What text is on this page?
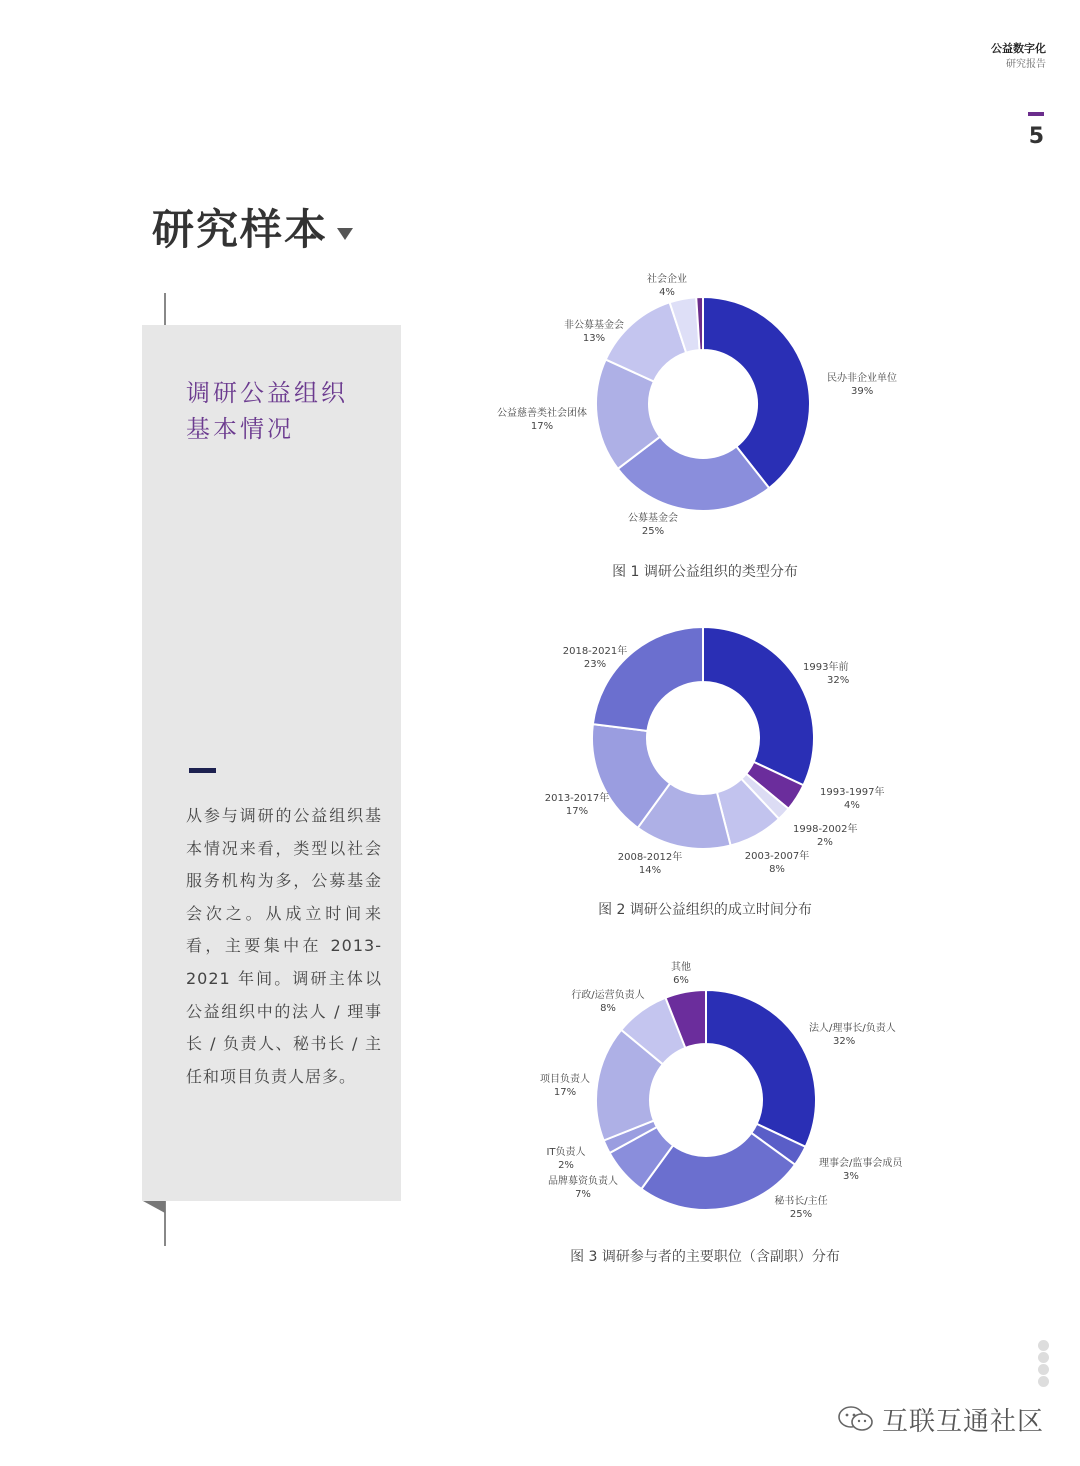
公益数字化
研究报告
5
研究样本
调研公益组织
基本情况
从参与调研的公益组织基本情况来看，类型以社会服务机构为多，公募基金会次之。从成立时间来看，主要集中在 2013-2021 年间。调研主体以公益组织中的法人 / 理事长 / 负责人、秘书长 / 主任和项目负责人居多。
民办非企业单位
39%
公募基金会
25%
公益慈善类社会团体
17%
非公募基金会
13%
社会企业
4%
图 1 调研公益组织的类型分布
1993年前
32%
1993-1997年
4%
1998-2002年
2%
2003-2007年
8%
2008-2012年
14%
2013-2017年
17%
2018-2021年
23%
图 2 调研公益组织的成立时间分布
法人/理事长/负责人
32%
理事会/监事会成员
3%
秘书长/主任
25%
品牌募资负责人
7%
IT负责人
2%
项目负责人
17%
行政/运营负责人
8%
其他
6%
图 3 调研参与者的主要职位（含副职）分布
互联互通社区
